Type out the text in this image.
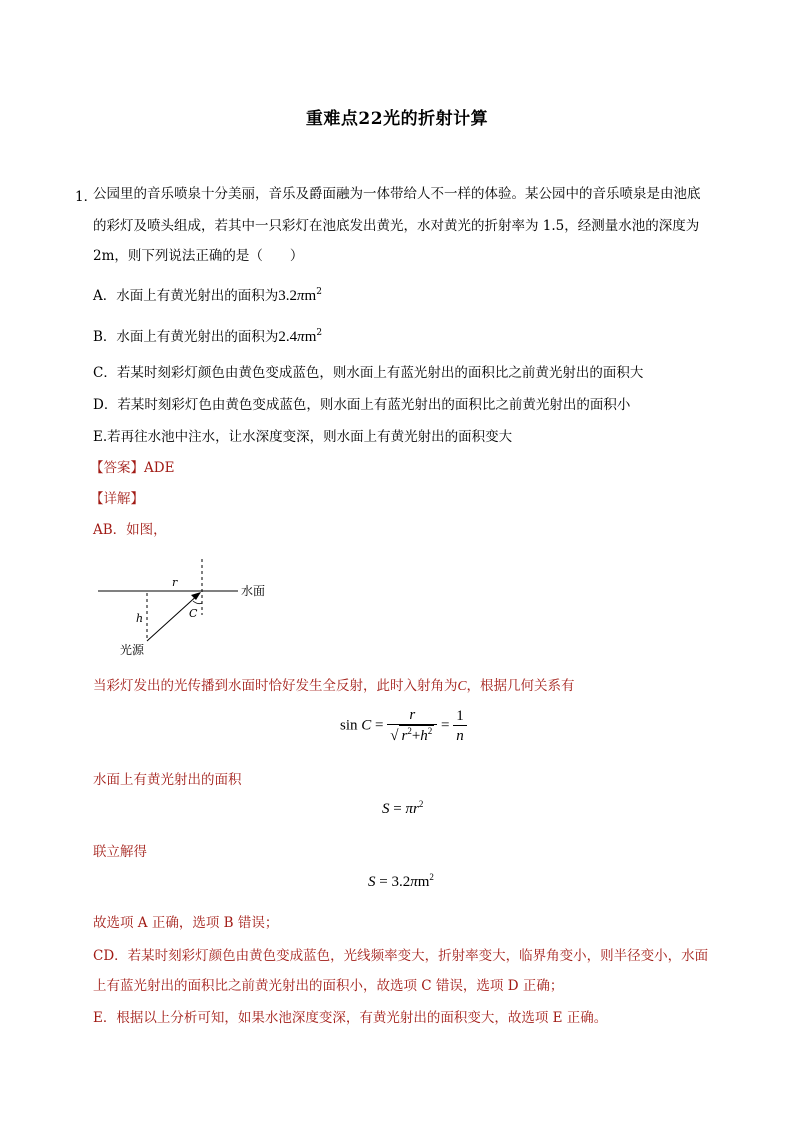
重难点22光的折射计算
1．
公园里的音乐喷泉十分美丽，音乐及爵面融为一体带给人不一样的体验。某公园中的音乐喷泉是由池底
的彩灯及喷头组成，若其中一只彩灯在池底发出黄光，水对黄光的折射率为 1.5，经测量水池的深度为
2m，则下列说法正确的是（　　）
A．水面上有黄光射出的面积为$3.2\pi m^2$
B．水面上有黄光射出的面积为$2.4\pi m^2$
C．若某时刻彩灯颜色由黄色变成蓝色，则水面上有蓝光射出的面积比之前黄光射出的面积大
D．若某时刻彩灯色由黄色变成蓝色，则水面上有蓝光射出的面积比之前黄光射出的面积小
E.若再往水池中注水，让水深度变深，则水面上有黄光射出的面积变大
【答案】ADE
【详解】
AB．如图，
r
h	C
水面
光源
当彩灯发出的光传播到水面时恰好发生全反射，此时入射角为C，根据几何关系有
$\sin C = \frac{r}{√ r^2+h^2} = \frac{1}{n}$
水面上有黄光射出的面积
$S = \pi r^2$
联立解得
$S = 3.2\pi m^2$
故选项 A 正确，选项 B 错误；
CD．若某时刻彩灯颜色由黄色变成蓝色，光线频率变大，折射率变大，临界角变小，则半径变小，水面
上有蓝光射出的面积比之前黄光射出的面积小，故选项 C 错误，选项 D 正确；
E．根据以上分析可知，如果水池深度变深，有黄光射出的面积变大，故选项 E 正确。
